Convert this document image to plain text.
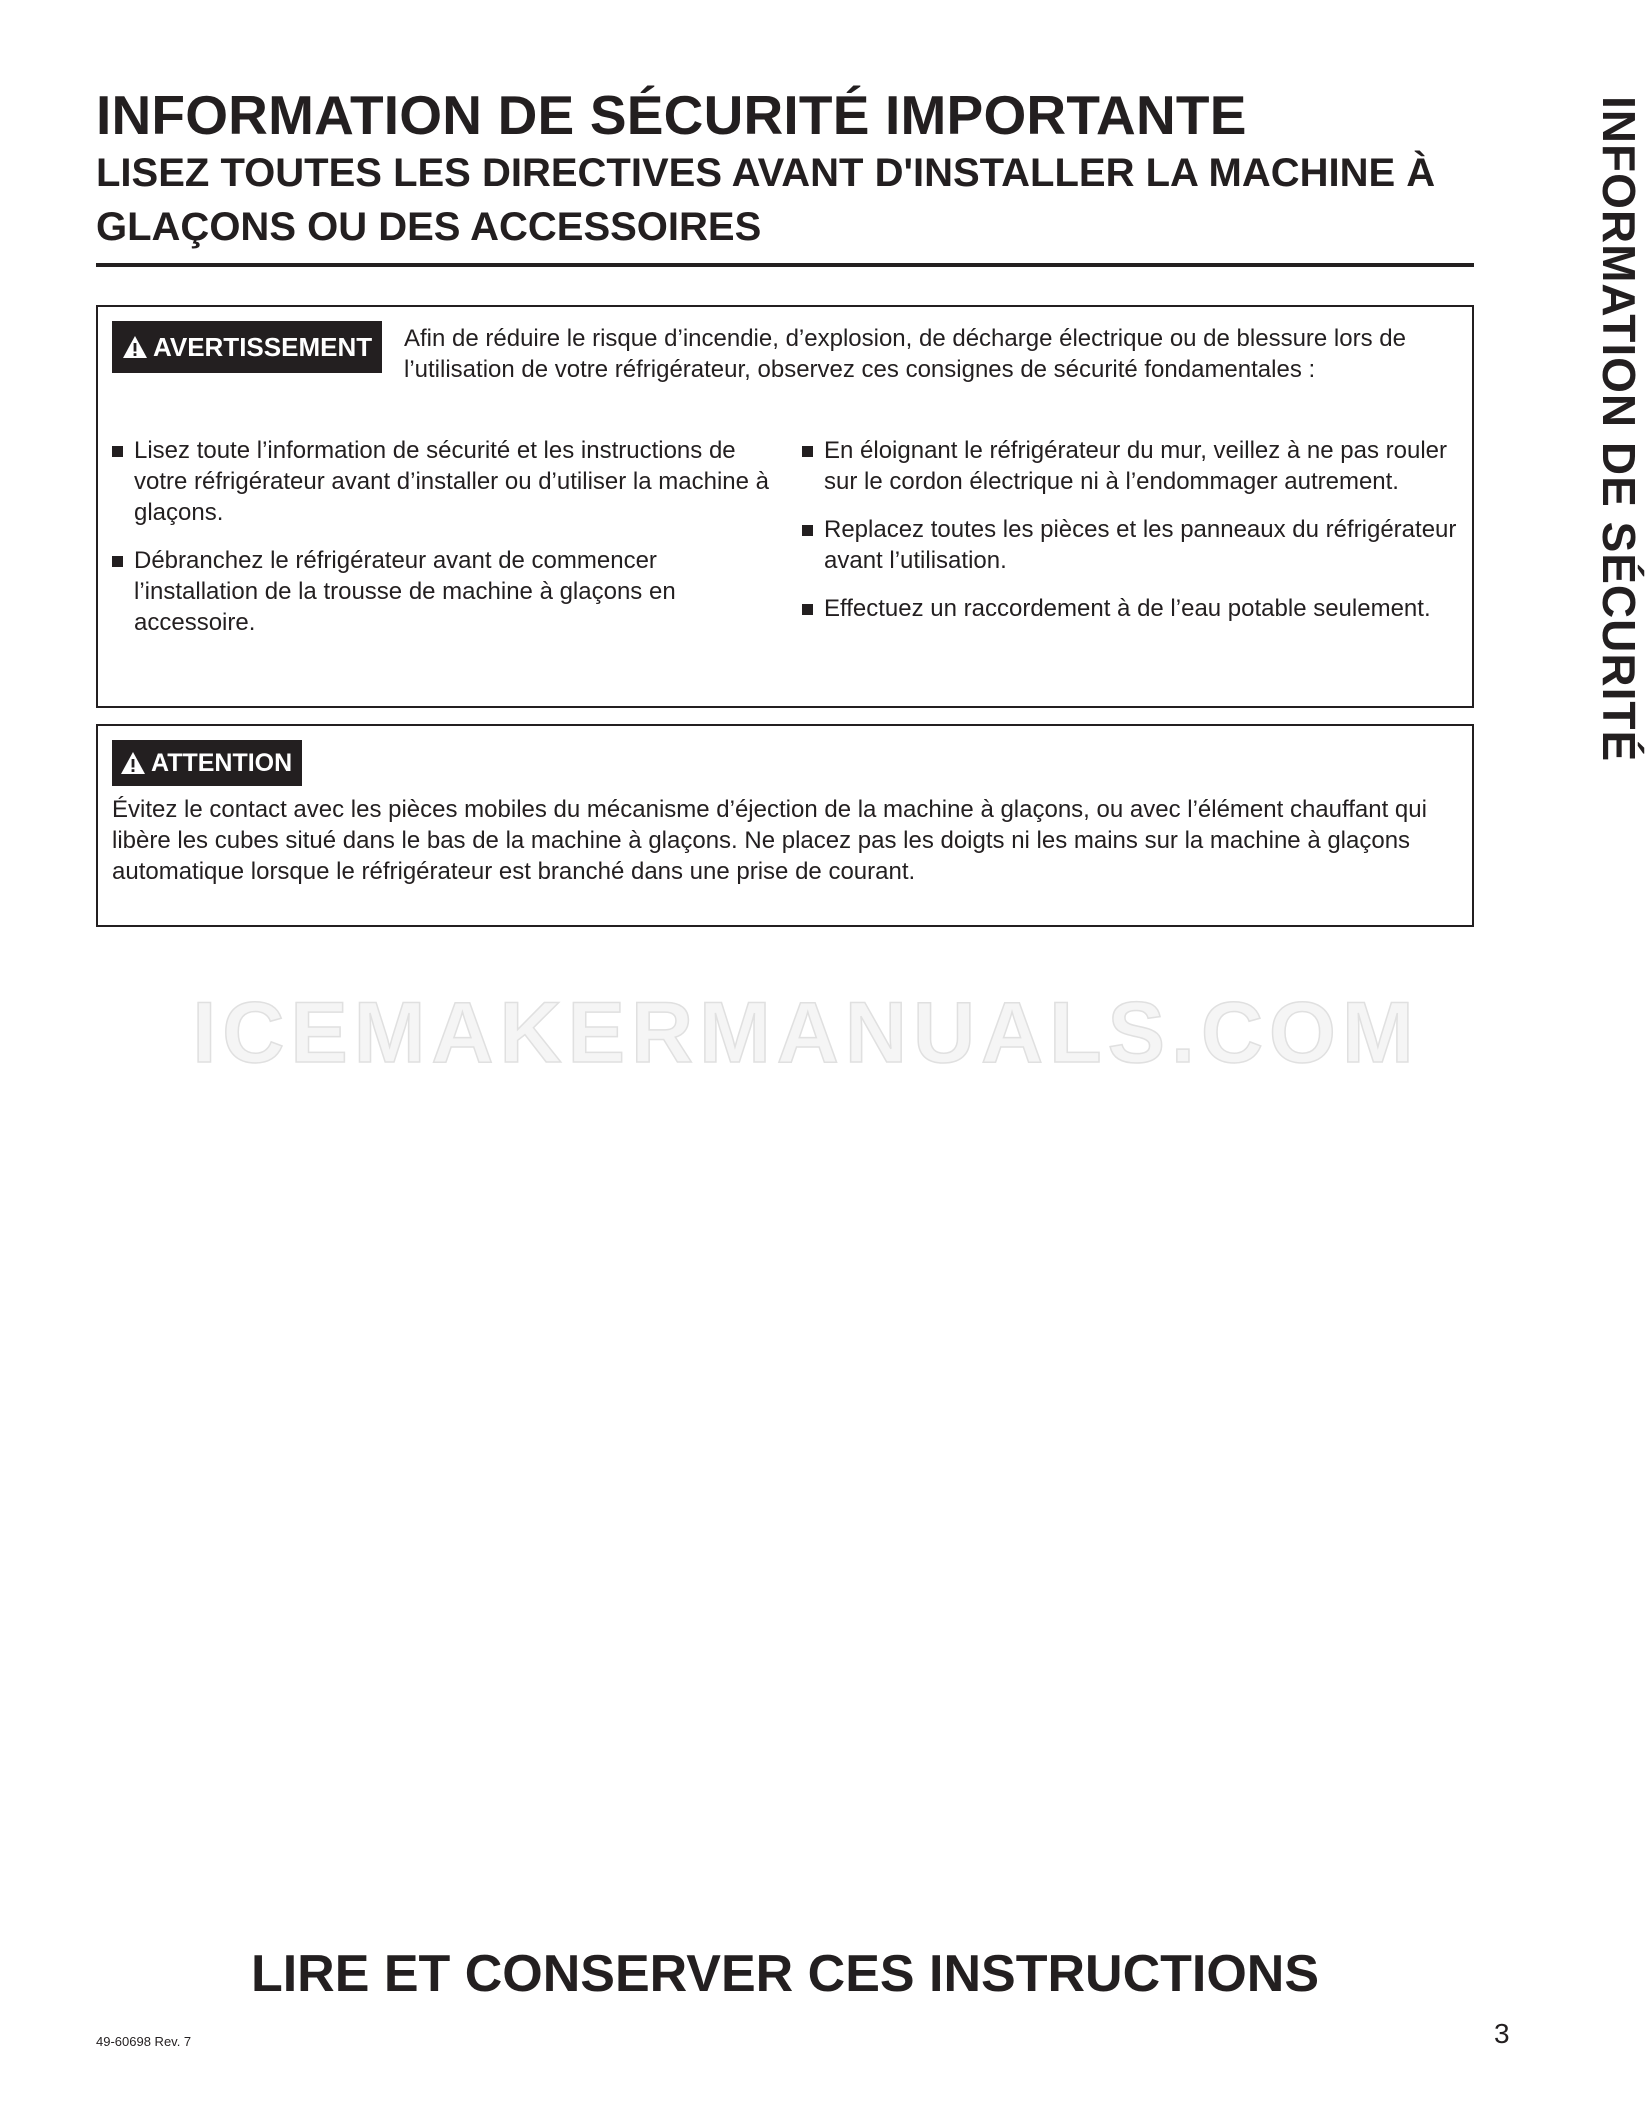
INFORMATION DE SÉCURITÉ IMPORTANTE
LISEZ TOUTES LES DIRECTIVES AVANT D'INSTALLER LA MACHINE À GLAÇONS OU DES ACCESSOIRES	INFORMATION DE SÉCURITÉ
AVERTISSEMENT Afin de réduire le risque d’incendie, d’explosion, de décharge électrique ou de blessure lors de l’utilisation de votre réfrigérateur, observez ces consignes de sécurité fondamentales :
Lisez toute l’information de sécurité et les instructions de votre réfrigérateur avant d’installer ou d’utiliser la machine à glaçons.
Débranchez le réfrigérateur avant de commencer l’installation de la trousse de machine à glaçons en accessoire.
En éloignant le réfrigérateur du mur, veillez à ne pas rouler sur le cordon électrique ni à l’endommager autrement.
Replacez toutes les pièces et les panneaux du réfrigérateur avant l’utilisation.
Effectuez un raccordement à de l’eau potable seulement.
ATTENTION
Évitez le contact avec les pièces mobiles du mécanisme d’éjection de la machine à glaçons, ou avec l’élément chauffant qui libère les cubes situé dans le bas de la machine à glaçons. Ne placez pas les doigts ni les mains sur la machine à glaçons automatique lorsque le réfrigérateur est branché dans une prise de courant.
ICEMAKERMANUALS.COM
LIRE ET CONSERVER CES INSTRUCTIONS
49-60698 Rev. 7	3
